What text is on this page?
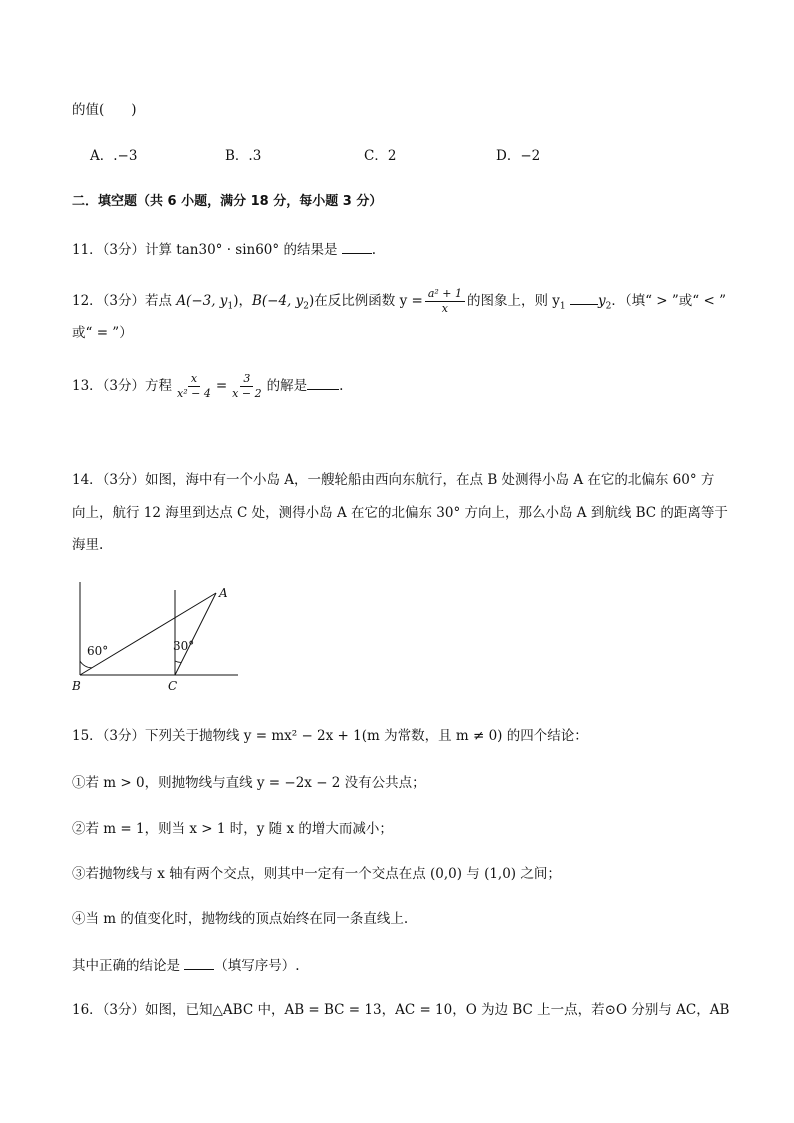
的值(　　)
A．.−3	B．.3	C．2	D．−2
二．填空题（共 6 小题，满分 18 分，每小题 3 分）
11．（3分）计算 tan30° · sin60° 的结果是 .
12．（3分）若点 A(−3, $y_1$)，B(−4, $y_2$)在反比例函数 $y = \frac{\text{a² + 1}}{x}$ 的图象上，则 $y_1$ $y_2$．（填“ > ”或“ < ”
或“ = ”）
13．（3分）方程 $\frac{x}{\text{x² − 4}} = \frac{3}{x - 2}$ 的解是 .
14．（3分）如图，海中有一个小岛 A，一艘轮船由西向东航行，在点 B 处测得小岛 A 在它的北偏东 60° 方
向上，航行 12 海里到达点 C 处，测得小岛 A 在它的北偏东 30° 方向上，那么小岛 A 到航线 BC 的距离等于
海里.
A
B	C
60°	30°
15．（3分）下列关于抛物线 y = mx² − 2x + 1(m 为常数，且 m ≠ 0) 的四个结论：
①若 m > 0，则抛物线与直线 y = −2x − 2 没有公共点；
②若 m = 1，则当 x > 1 时，y 随 x 的增大而减小；
③若抛物线与 x 轴有两个交点，则其中一定有一个交点在点 (0,0) 与 (1,0) 之间；
④当 m 的值变化时，抛物线的顶点始终在同一条直线上.
其中正确的结论是 （填写序号）.
16．（3分）如图，已知△ABC 中，AB = BC = 13，AC = 10，O 为边 BC 上一点，若⊙O 分别与 AC，AB
